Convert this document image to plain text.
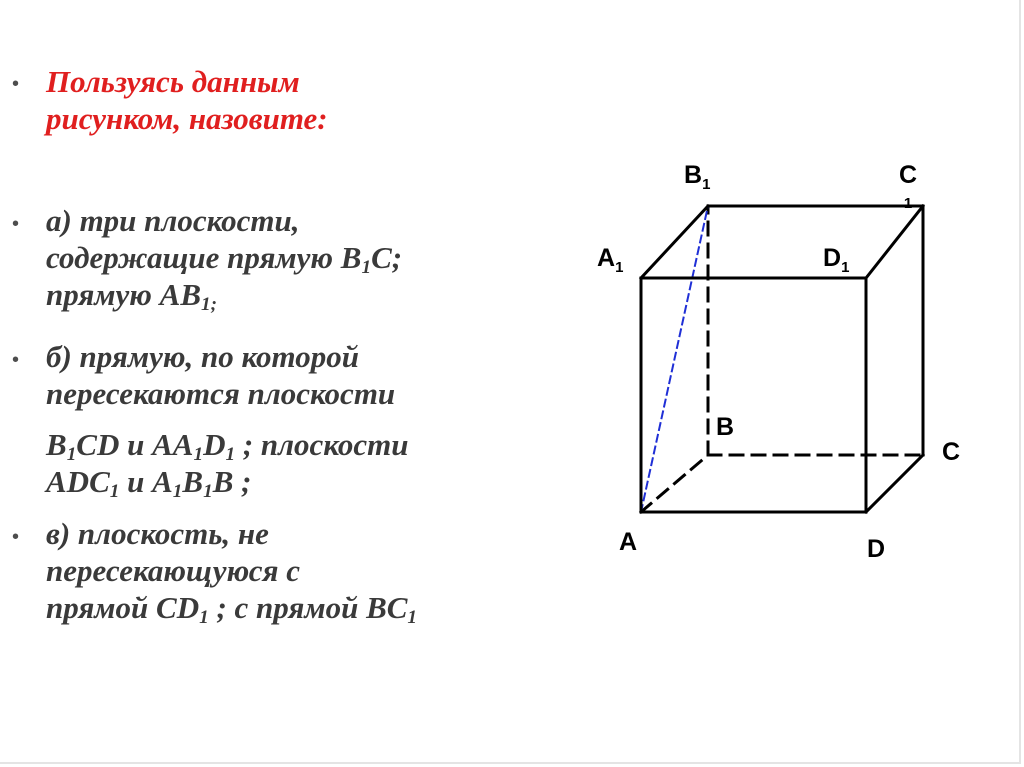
• Пользуясь данным
рисунком, назовите:
• а) три плоскости,
содержащие прямую $B_1C$;
прямую $АВ_{1;}$
• б) прямую, по которой
пересекаются плоскости
$B_1CD$ и $AA_1D_1$ ; плоскости
$ADC_1$ и $A_1B_1B$ ;
• в) плоскость, не
пересекающуюся с
прямой $CD_1$ ; с прямой $BC_1$
$B_1$	C
1
$A_1$	$D_1$
B
C
A	D
